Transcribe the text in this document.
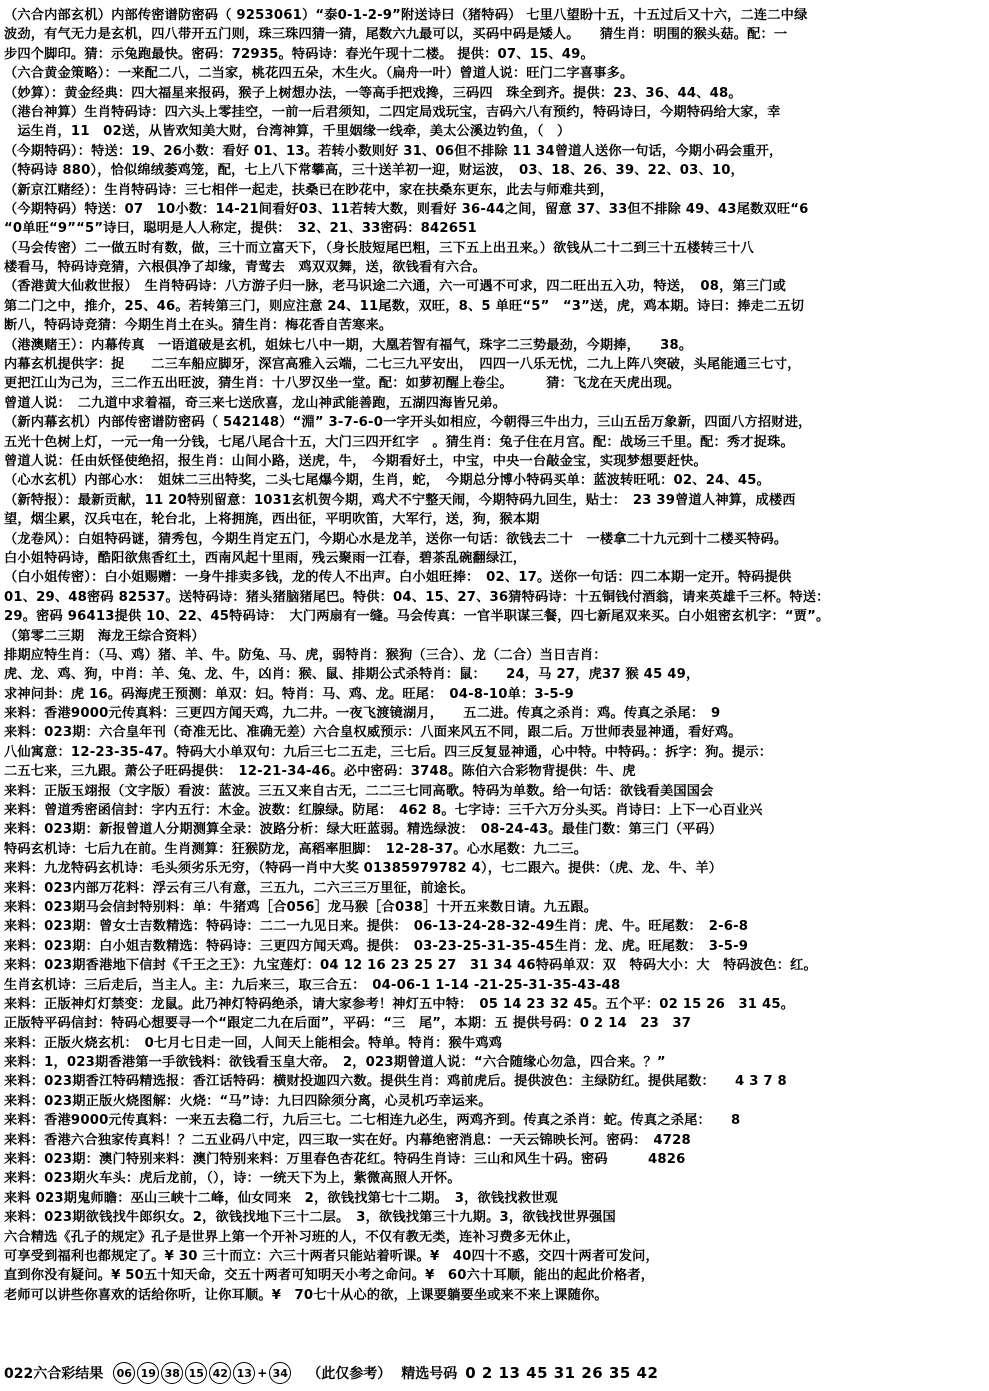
（六合内部玄机）内部传密谱防密码（ 9253061）“泰0-1-2-9”附送诗曰（猪特码） 七里八望盼十五，十五过后又十六，二连二中绿
波劲，有气无力是玄机，四八带开五门则，珠三珠四猜一猜，尾数六九最可以，买码中码是矮人。　　猜生肖：明围的猴头菇。配：一
步四个脚印。猜：示兔跑最快。密码：72935。特码诗：春光午现十二楼。 提供：07、15、49。
（六合黄金策略）：一来配二八，二当家，桃花四五朵，木生火。（扁舟一叶）曾道人说：旺门二字喜事多。
（妙算）：黄金经典：四大福星来报码，猴子上树想办法，一等高手把戏搀，三码四　珠全到齐。提供：23、36、44、48。
（港台神算）生肖特码诗：四六头上零挂空，一前一后君须知，二四定局戏玩宝，吉码六八有预约，特码诗曰，今期特码给大家，幸
　运生肖，11　02送，从皆欢知美大财，台湾神算，千里姻缘一线牵，美太公溪边钓鱼，（　）
（今期特码）：特送：19、26小数：看好 01、13。若转小数则好 31、06但不排除 11 34曾道人送你一句话，今期小码会重开，
（特码诗 880），恰似绵绒萎鸡笼，配，七上八下常攀高，三十送羊初一迎，财运波，　03、18、26、39、22、03、10，
（新京江赌经）：生肖特码诗：三七相伴一起走，扶桑已在眇花中，家在扶桑东更东，此去与师难共到，
（今期特码）特送：07　10小数：14-21间看好03、11若转大数，则看好 36-44之间，留意 37、33但不排除 49、43尾数双旺“6
“0单旺“9”“5”诗曰，聪明是人人称定，提供：　32、21、33密码：842651
（马会传密）二一做五时有数，做，三十而立富天下，（身长肢短尾巴粗，三下五上出丑来。）欲钱从二十二到三十五楼转三十八
楼看马，特码诗竞猜，六根俱净了却缘，青莺去　鸡双双舞，送，欲钱看有六合。
（香港黄大仙救世报）　生肖特码诗：八方游子归一脉，老马识途二六通，六一可遇不可求，四二旺出五入功，特送，　08，第三门或
第二门之中，推介，25、46。若转第三门，则应注意 24、11尾数，双旺，8、5 单旺“5”　“3”送，虎，鸡本期。诗曰：捧走二五切
断八，特码诗竞猜：今期生肖土在头。猜生肖：梅花香自苦寒来。
（港澳赌王）：内幕传真　一语道破是玄机，姐妹七八中一期，大凰若智有福气，珠字二三势最劲，今期捧，　　38。
内幕玄机提供字：捉　　二三车船应脚牙，深宫高雅入云端，二七三九平安出，　四四一八乐无忧，二九上阵八突破，头尾能通三七寸，
更把江山为己为，三二作五出旺波，猜生肖：十八罗汉坐一堂。配：如萝初醒上卷尘。　　　猜：飞龙在天虎出现。
曾道人说：　二九道中求着福，奇三来七送欣喜，龙山神武能善跑，五湖四海皆兄弟。
（新内幕玄机）内部传密谱防密码（ 542148）“淵” 3-7-6-0一字开头如相应，今朝得三牛出力，三山五岳万象新，四面八方招财进，
五光十色树上灯，一元一角一分钱，七尾八尾合十五，大门三四开红字　。猜生肖：兔子住在月宫。配：战场三千里。配：秀才捉珠。
曾道人说：任由妖怪使绝招，报生肖：山间小路，送虎，牛，　今期看好土，中宝，中央一台敲金宝，实现梦想要赶快。
（心水玄机）内部心水：　姐妹二三出特奖，二头七尾爆今期，生肖，蛇，　今期总分博小特码买单：蓝波转旺吼：02、24、45。
（新特报）：最新贡献，11 20特别留意：1031玄机贺今期，鸡犬不宁整天闹，今期特码九回生，贴士：　23 39曾道人神算，成楼西
望，烟尘累，汉兵屯在，轮台北，上将拥旄，西出征，平明吹笛，大军行，送，狗，猴本期
（龙卷风）：白姐特码谜，猜秀包，今期生肖定五门，今期心水是龙羊，送你一句话：欲钱去二十　一楼拿二十九元到十二楼买特码。
白小姐特码诗，酷阳欲焦香红土，西南风起十里雨，残云聚雨一江春，碧茶乱碗翻绿江，
（白小姐传密）：白小姐赐赠：一身牛排卖多钱，龙的传人不出声。白小姐旺捧：　02、17。送你一句话：四二本期一定开。特码提供
01、29、48密码 82537。送特码诗：猪头猪脑猪尾巴。特供：04、15、27、36猜特码诗：十五铜钱付酒翁，请来英雄千三杯。特送：
29。密码 96413提供 10、22、45特码诗：　大门两扇有一缝。马会传真：一官半职谋三餐，四七新尾双来买。白小姐密玄机字：“贾”。
（第零二三期　海龙王综合资料）
排期应特生肖：（马、鸡）猪、羊、牛。防兔、马、虎，弱特肖：猴狗（三合）、龙（二合）当日吉肖：
虎、龙、鸡、狗，中肖：羊、兔、龙、牛，凶肖：猴、鼠、排期公式杀特肖：鼠：　　24，马 27，虎37 猴 45 49，
求神问卦：虎 16。码海虎王预测：单双：妇。特肖：马、鸡、龙。旺尾：　04-8-10单：3-5-9
来料：香港9000元传真料：三更四方闻天鸡，九二井。一夜飞渡镜湖月，　　五二进。传真之杀肖：鸡。传真之杀尾：　9
来料：023期：六合皇年刊（奇准无比、准确无差）六合皇权威预示：八面来风五不同，跟二后。万世师表显神通，看好鸡。
八仙寓意：12-23-35-47。特码大小单双句：九后三七二五走，三七后。四三反复显神通，心中特。中特码。：拆字：狗。提示：
二五七来，三九跟。萧公子旺码提供：　12-21-34-46。必中密码：3748。陈伯六合彩物背提供：牛、虎
来料：正版玉翊报（文字版）看波：蓝波。三五又来自古无，二二三七同高歌。特码为单数。给一句话：欲钱看美国国会
来料：曾道秀密函信封：字内五行：木金。波数：红腺绿。防尾：　462 8。七字诗：三千六万分头买。肖诗曰：上下一心百业兴
来料：023期：新报曾道人分期测算全录：波路分析：绿大旺蓝弱。精选绿波：　08-24-43。最佳门数：第三门（平码）
特码玄机诗：七后九在前。生肖测算：狂猴防龙，高稻率胆脚：　12-28-37。心水尾数：九二三。
来料：九龙特码玄机诗：毛头须劣乐无穷，（特码一肖中大奖 01385979782 4），七二跟六。提供：（虎、龙、牛、羊）
来料：023内部万花料：浮云有三八有意，三五九，二六三三万里征，前途长。
来料：023期马会信封特别料：单：牛猪鸡［合056］龙马猴［合038］十开五来数日请。九五跟。
来料：023期：曾女士吉数精选：特码诗：二二一九见日来。提供：　06-13-24-28-32-49生肖：虎、牛。旺尾数：　2-6-8
来料：023期：白小姐吉数精选：特码诗：三更四方闻天鸡。提供：　03-23-25-31-35-45生肖：龙、虎。旺尾数：　3-5-9
来料：023期香港地下信封《千王之王》：九宝莲灯：04 12 16 23 25 27　31 34 46特码单双：双　特码大小：大　特码波色：红。
生肖玄机诗：三后走后，当主人。主：九后来三，取三合五：　04-06-1 1-14 -21-25-31-35-43-48
来料：正版神灯灯禁变：龙鼠。此乃神灯特码绝杀，请大家参考！神灯五中特：　05 14 23 32 45。五个平：02 15 26　31 45。
正版特平码信封：特码心想要寻一个“跟定二九在后面”，平码：“三　尾”，本期：五 提供号码：0 2 14　23　37
来料：正版火烧玄机：　0七月七日走一回，人间天上能相会。特单。特肖：猴牛鸡鸡
来料：1，023期香港第一手欲钱料：欲钱看玉皇大帝。　2，023期曾道人说：“六合随缘心勿急，四合来。？”
来料：023期香江特码精选报：香江话特码：横财投迦四六数。提供生肖：鸡前虎后。提供波色：主绿防红。提供尾数：　　4 3 7 8
来料：023期正版火烧图解：火烧：“马”诗：九曰四除须分离，心灵机巧幸运来。
来料：香港9000元传真料：一来五去稳二行，九后三七。二七相连九必生，两鸡齐到。传真之杀肖：蛇。传真之杀尾：　　8
来料：香港六合独家传真料！？二五业码八中定，四三取一实在好。内幕绝密消息：一天云锦映长河。密码：　4728
来料：023期：澳门特别来料：澳门特别来料：万里春色杏花红。特码生肖诗：三山和风生十码。密码　　　4826
来料：023期火车头：虎后龙前，（），诗：一统天下为上，紫微高照人开怀。
来料 023期鬼师瞻：巫山三峡十二峰，仙女同来　2，欲钱找第七十二期。　3，欲钱找救世观
来料：023期欲钱找牛郎织女。2，欲钱找地下三十二层。　3，欲钱找第三十九期。3，欲钱找世界强国
六合精选《孔子的规定》孔子是世界上第一个开补习班的人，不仅有教无类，连补习费多无休止，
可享受到福利也都规定了。¥ 30 三十而立：六三十两者只能站着听课。¥　40四十不惑，交四十两者可发问，
直到你没有疑问。¥ 50五十知天命，交五十两者可知明天小考之命问。¥　60六十耳顺，能出的起此价格者，
老师可以讲些你喜欢的话给你听，让你耳顺。¥　70七十从心的欲，上课要躺要坐或来不来上课随你。
022六合彩结果	06 19 38 15 42 13 + 34 （此仅参考） 精选号码 0 2 13 45 31 26 35 42
